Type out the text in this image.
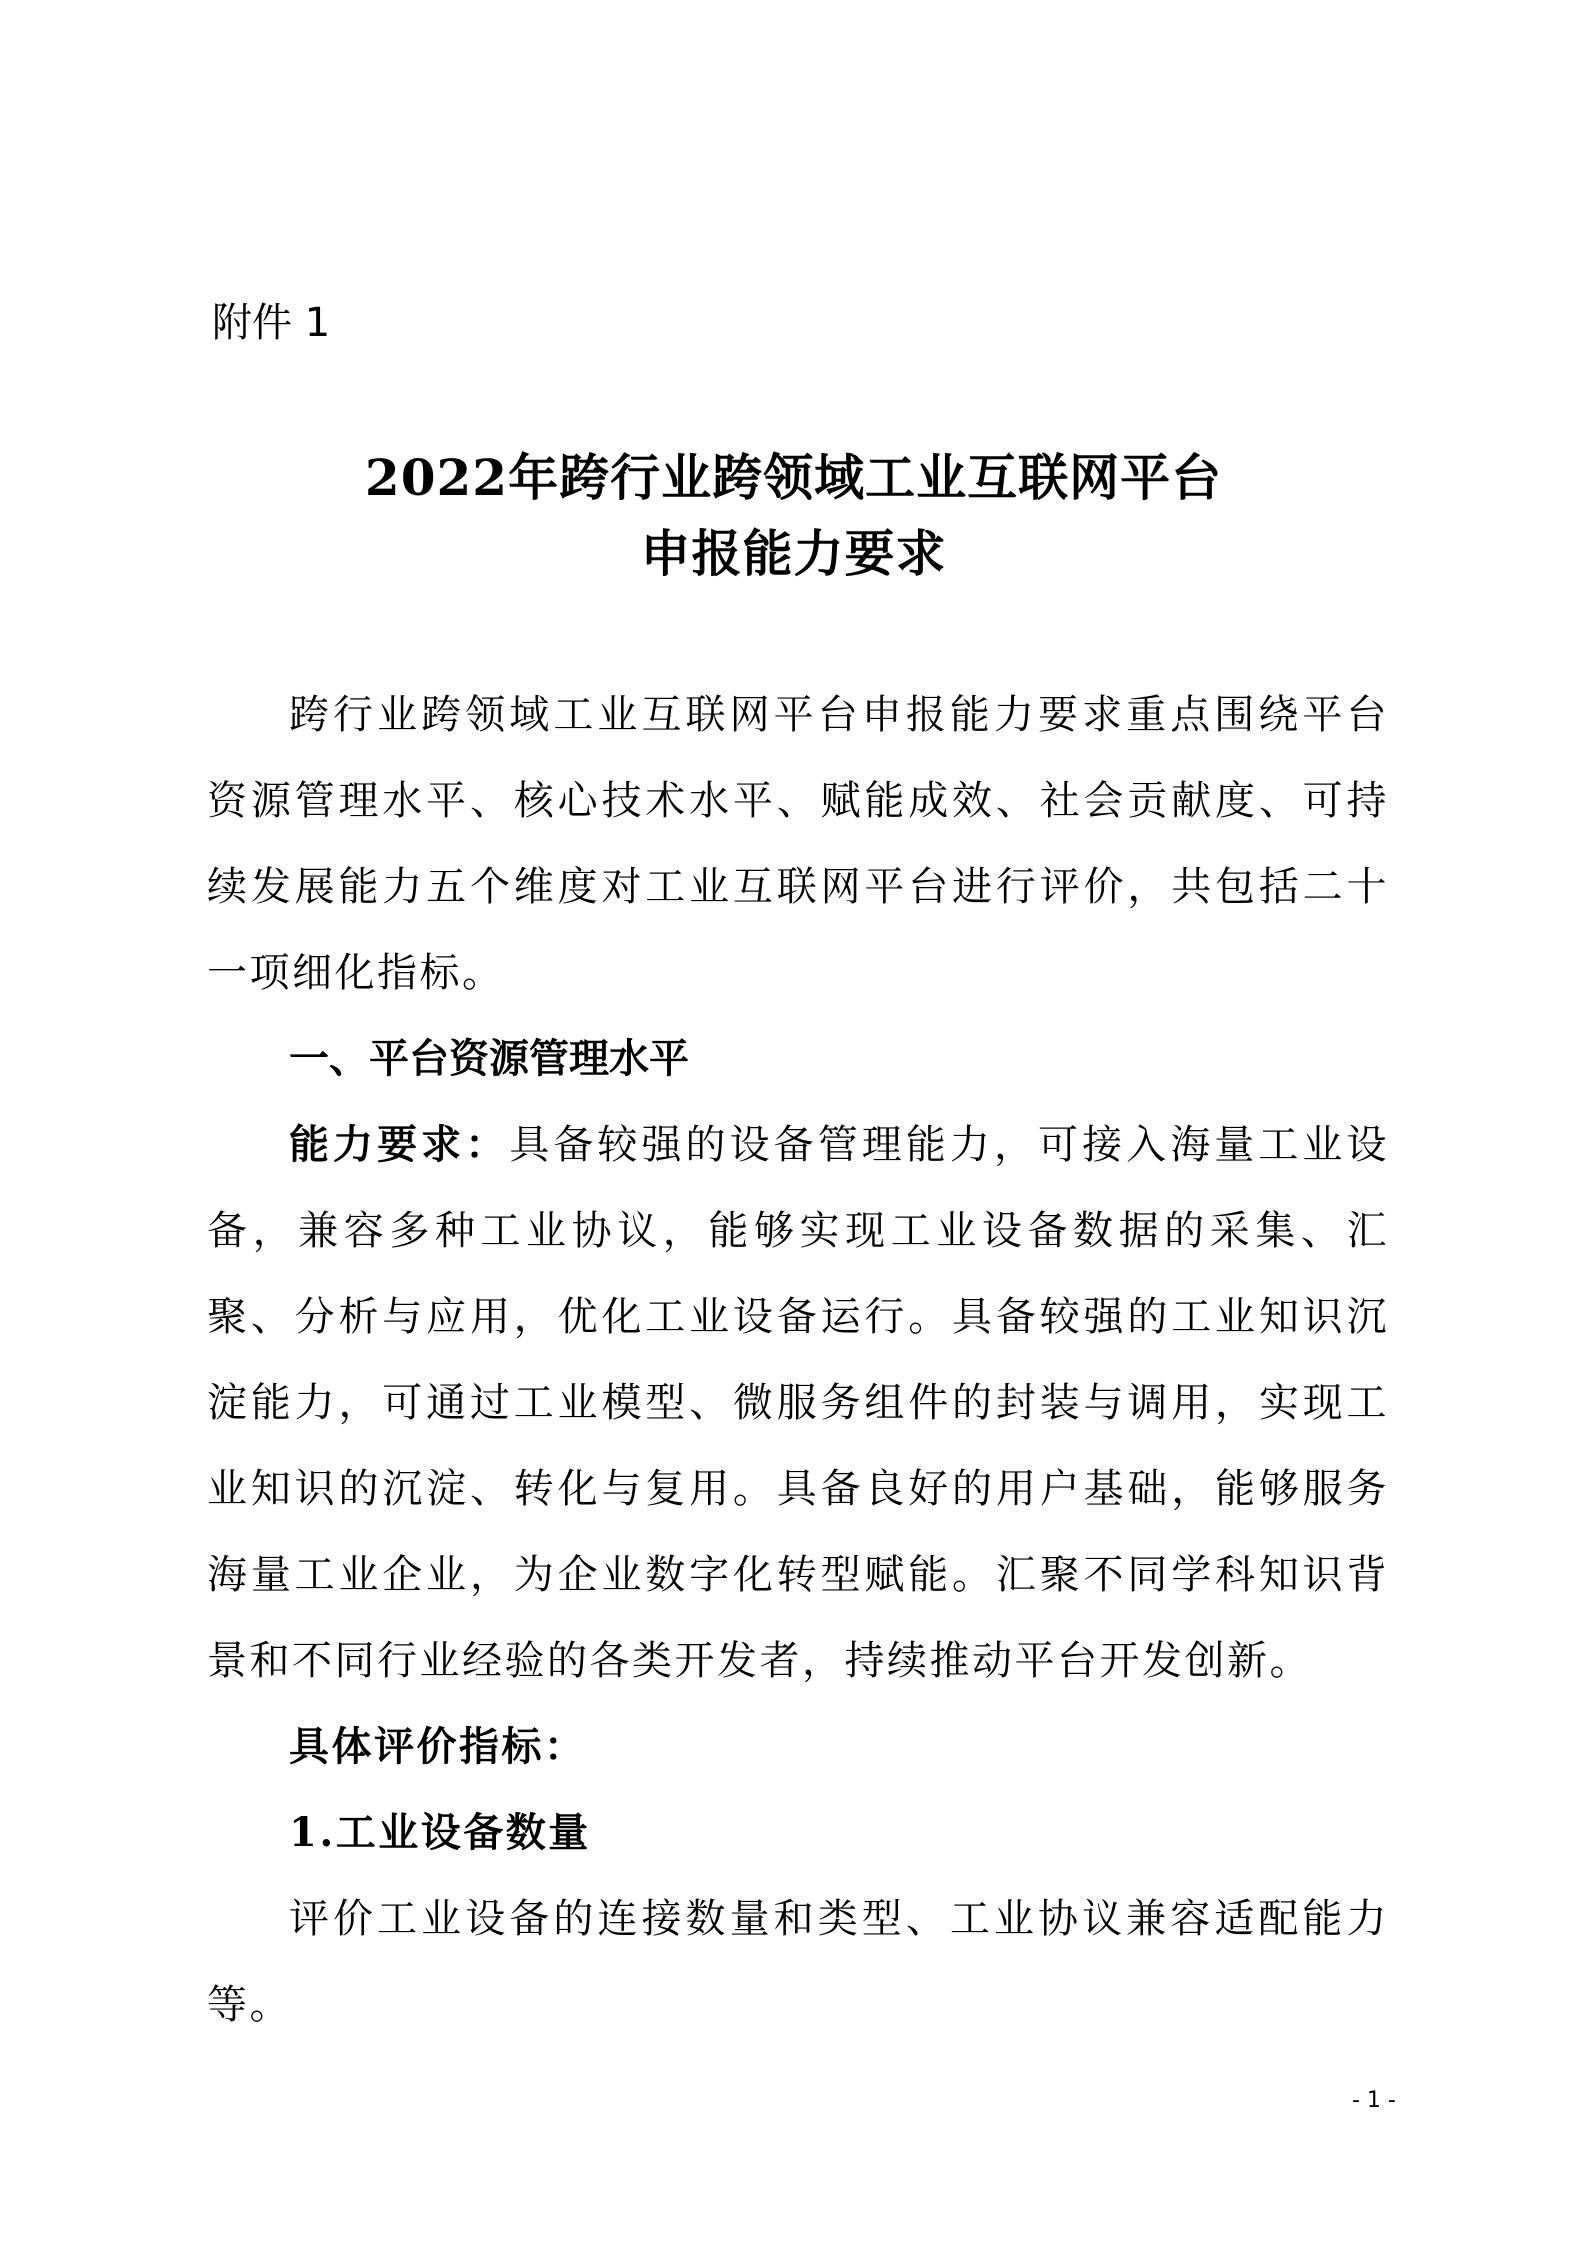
附件 1
2022年跨行业跨领域工业互联网平台
申报能力要求

跨行业跨领域工业互联网平台申报能力要求重点围绕平台资源管理水平、核心技术水平、赋能成效、社会贡献度、可持续发展能力五个维度对工业互联网平台进行评价，共包括二十一项细化指标。

一、平台资源管理水平

能力要求：具备较强的设备管理能力，可接入海量工业设备，兼容多种工业协议，能够实现工业设备数据的采集、汇聚、分析与应用，优化工业设备运行。具备较强的工业知识沉淀能力，可通过工业模型、微服务组件的封装与调用，实现工业知识的沉淀、转化与复用。具备良好的用户基础，能够服务海量工业企业，为企业数字化转型赋能。汇聚不同学科知识背景和不同行业经验的各类开发者，持续推动平台开发创新。

具体评价指标：

1.工业设备数量

评价工业设备的连接数量和类型、工业协议兼容适配能力等。

- 1 -
